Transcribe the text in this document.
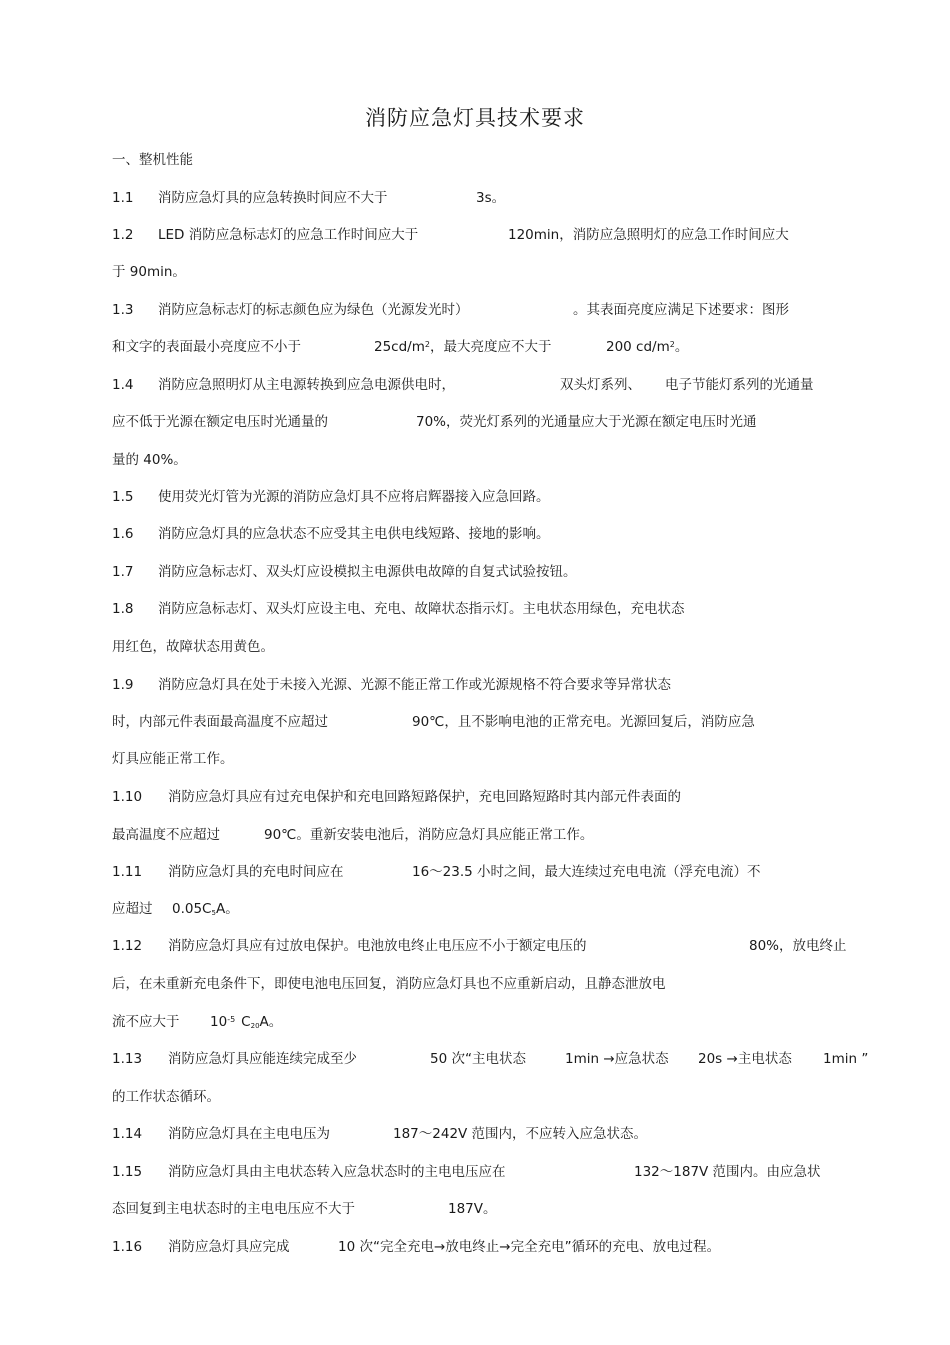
消防应急灯具技术要求
一、整机性能
1.1 消防应急灯具的应急转换时间应不大于	3s。
1.2 LED 消防应急标志灯的应急工作时间应大于	120min，消防应急照明灯的应急工作时间应大
于 90min。
1.3 消防应急标志灯的标志颜色应为绿色（光源发光时）	。其表面亮度应满足下述要求：图形
和文字的表面最小亮度应不小于	$25cd/m^2$，最大亮度应不大于	200 $cd/m^2$。
1.4 消防应急照明灯从主电源转换到应急电源供电时，	双头灯系列、 电子节能灯系列的光通量
应不低于光源在额定电压时光通量的	70%，荧光灯系列的光通量应大于光源在额定电压时光通
量的 40%。
1.5 使用荧光灯管为光源的消防应急灯具不应将启辉器接入应急回路。
1.6 消防应急灯具的应急状态不应受其主电供电线短路、接地的影响。
1.7 消防应急标志灯、双头灯应设模拟主电源供电故障的自复式试验按钮。
1.8 消防应急标志灯、双头灯应设主电、充电、故障状态指示灯。主电状态用绿色，充电状态
用红色，故障状态用黄色。
1.9 消防应急灯具在处于未接入光源、光源不能正常工作或光源规格不符合要求等异常状态
时，内部元件表面最高温度不应超过	90℃，且不影响电池的正常充电。光源回复后，消防应急
灯具应能正常工作。
1.10 消防应急灯具应有过充电保护和充电回路短路保护，充电回路短路时其内部元件表面的
最高温度不应超过	90℃。重新安装电池后，消防应急灯具应能正常工作。
1.11 消防应急灯具的充电时间应在	16～23.5 小时之间，最大连续过充电电流（浮充电流）不
应超过 $0.05C_5A$。
1.12 消防应急灯具应有过放电保护。电池放电终止电压应不小于额定电压的	80%，放电终止
后，在未重新充电条件下，即使电池电压回复，消防应急灯具也不应重新启动，且静态泄放电
流不应大于 $10^{-5}$ $C_{20}A$。
1.13 消防应急灯具应能连续完成至少	50 次“主电状态	1min →应急状态 20s →主电状态 1min ”
的工作状态循环。
1.14 消防应急灯具在主电电压为	187～242V 范围内，不应转入应急状态。
1.15 消防应急灯具由主电状态转入应急状态时的主电电压应在	132～187V 范围内。由应急状
态回复到主电状态时的主电电压应不大于	187V。
1.16 消防应急灯具应完成	10 次“完全充电→放电终止→完全充电”循环的充电、放电过程。
